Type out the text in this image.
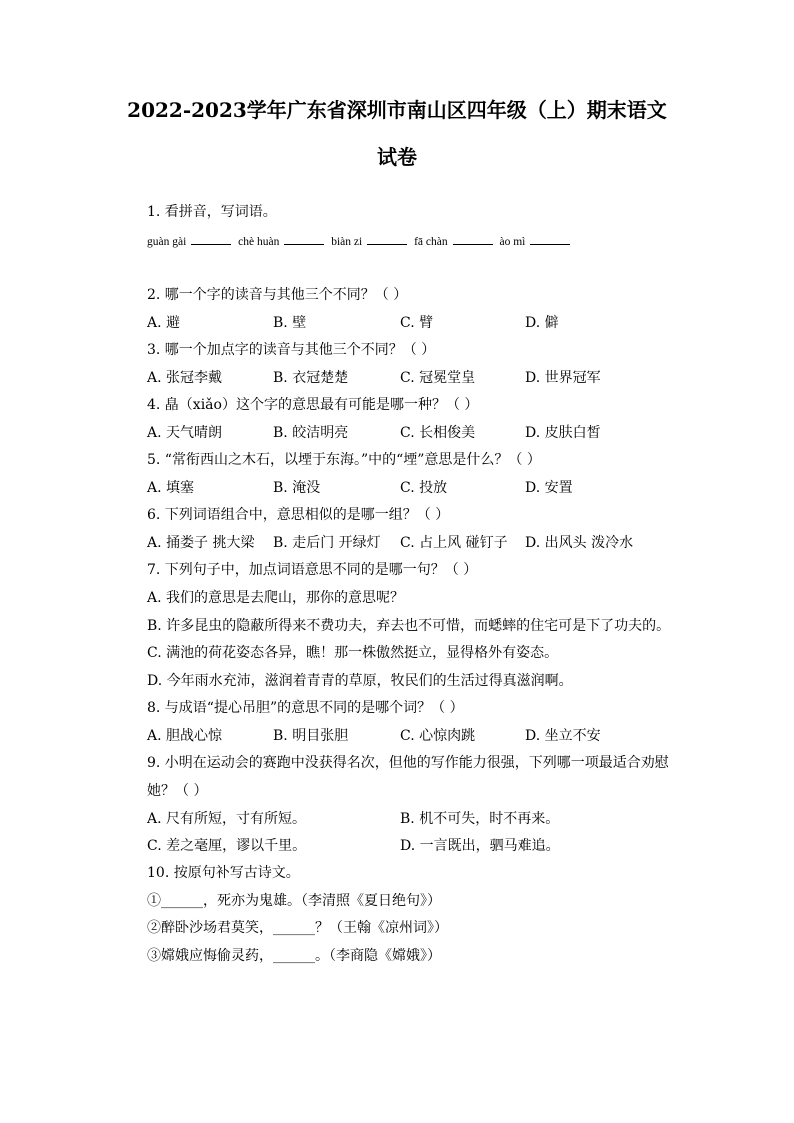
2022-2023学年广东省深圳市南山区四年级（上）期末语文
试卷
1. 看拼音，写词语。
guàn gài	chè huàn	biàn zi	fā chàn	ào mì
2. 哪一个字的读音与其他三个不同？（ ）
A. 避	B. 壁	C. 臂	D. 僻
3. 哪一个加点字的读音与其他三个不同？（ ）
A. 张冠李戴	B. 衣冠楚楚	C. 冠冕堂皇	D. 世界冠军
4. 皛（xiǎo）这个字的意思最有可能是哪一种？（ ）
A. 天气晴朗	B. 皎洁明亮	C. 长相俊美	D. 皮肤白皙
5. “常衔西山之木石，以堙于东海。”中的“堙”意思是什么？（ ）
A. 填塞	B. 淹没	C. 投放	D. 安置
6. 下列词语组合中，意思相似的是哪一组？（ ）
A. 捅娄子 挑大梁 B. 走后门 开绿灯 C. 占上风 碰钉子 D. 出风头 泼冷水
7. 下列句子中，加点词语意思不同的是哪一句？（ ）
A. 我们的意思是去爬山，那你的意思呢？
B. 许多昆虫的隐蔽所得来不费功夫，弃去也不可惜，而蟋蟀的住宅可是下了功夫的。
C. 满池的荷花姿态各异，瞧！那一株傲然挺立，显得格外有姿态。
D. 今年雨水充沛，滋润着青青的草原，牧民们的生活过得真滋润啊。
8. 与成语“提心吊胆”的意思不同的是哪个词？（ ）
A. 胆战心惊	B. 明目张胆	C. 心惊肉跳	D. 坐立不安
9. 小明在运动会的赛跑中没获得名次，但他的写作能力很强，下列哪一项最适合劝慰
她？（ ）
A. 尺有所短，寸有所短。	B. 机不可失，时不再来。
C. 差之毫厘，谬以千里。	D. 一言既出，驷马难追。
10. 按原句补写古诗文。
①______，死亦为鬼雄。（李清照《夏日绝句》）
②醉卧沙场君莫笑，______？（王翰《凉州词》）
③嫦娥应悔偷灵药，______。（李商隐《嫦娥》）
